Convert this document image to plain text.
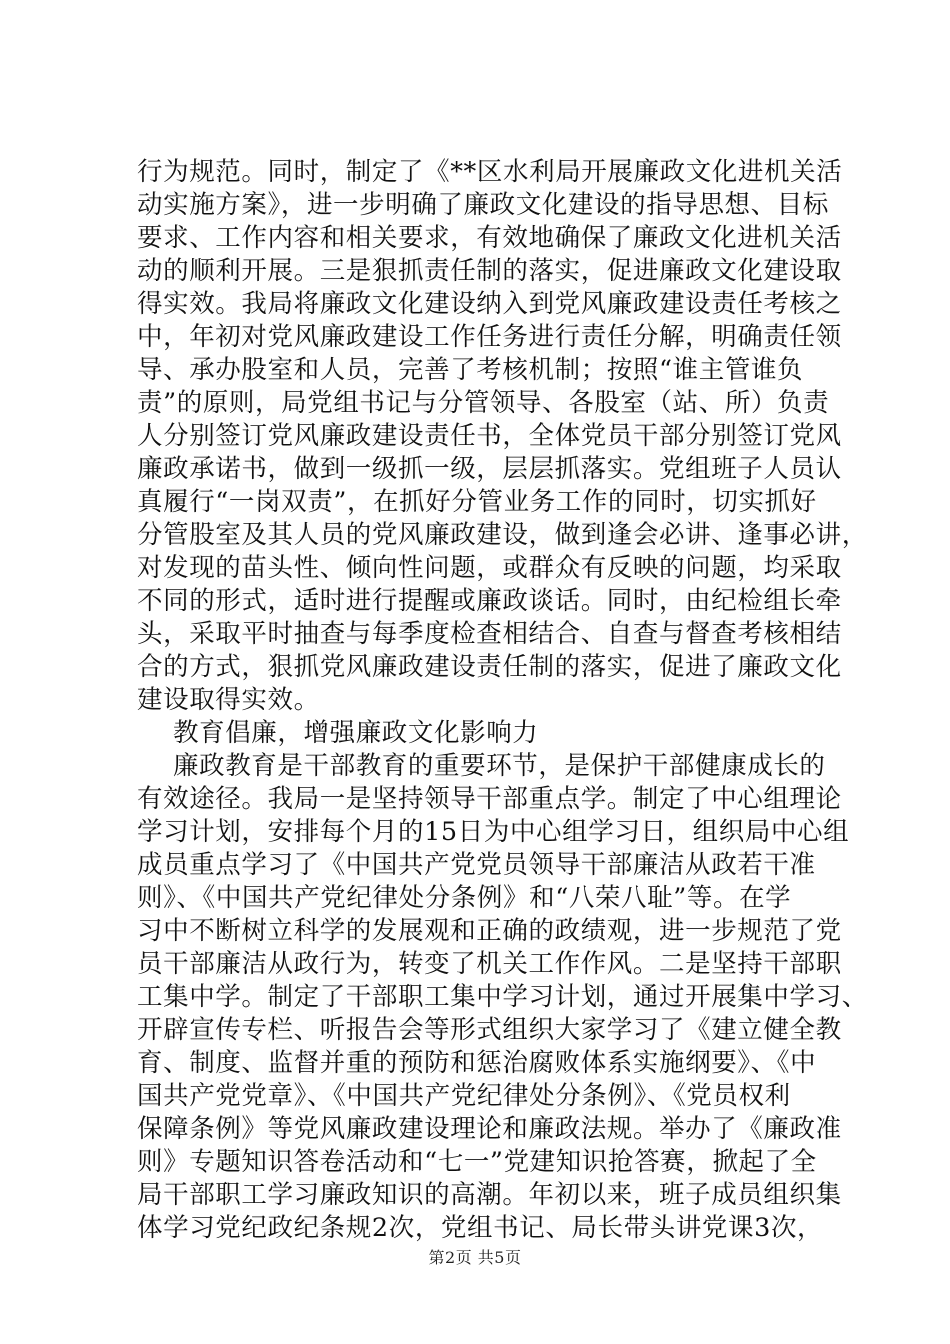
行为规范。同时，制定了《**区水利局开展廉政文化进机关活
动实施方案》，进一步明确了廉政文化建设的指导思想、目标
要求、工作内容和相关要求，有效地确保了廉政文化进机关活
动的顺利开展。三是狠抓责任制的落实，促进廉政文化建设取
得实效。我局将廉政文化建设纳入到党风廉政建设责任考核之
中，年初对党风廉政建设工作任务进行责任分解，明确责任领
导、承办股室和人员，完善了考核机制；按照“谁主管谁负
责”的原则，局党组书记与分管领导、各股室（站、所）负责
人分别签订党风廉政建设责任书，全体党员干部分别签订党风
廉政承诺书，做到一级抓一级，层层抓落实。党组班子人员认
真履行“一岗双责”，在抓好分管业务工作的同时，切实抓好
分管股室及其人员的党风廉政建设，做到逢会必讲、逢事必讲，
对发现的苗头性、倾向性问题，或群众有反映的问题，均采取
不同的形式，适时进行提醒或廉政谈话。同时，由纪检组长牵
头，采取平时抽查与每季度检查相结合、自查与督查考核相结
合的方式，狠抓党风廉政建设责任制的落实，促进了廉政文化
建设取得实效。
教育倡廉，增强廉政文化影响力
廉政教育是干部教育的重要环节，是保护干部健康成长的
有效途径。我局一是坚持领导干部重点学。制定了中心组理论
学习计划，安排每个月的15日为中心组学习日，组织局中心组
成员重点学习了《中国共产党党员领导干部廉洁从政若干准
则》、《中国共产党纪律处分条例》和“八荣八耻”等。在学
习中不断树立科学的发展观和正确的政绩观，进一步规范了党
员干部廉洁从政行为，转变了机关工作作风。二是坚持干部职
工集中学。制定了干部职工集中学习计划，通过开展集中学习、
开辟宣传专栏、听报告会等形式组织大家学习了《建立健全教
育、制度、监督并重的预防和惩治腐败体系实施纲要》、《中
国共产党党章》、《中国共产党纪律处分条例》、《党员权利
保障条例》等党风廉政建设理论和廉政法规。举办了《廉政准
则》专题知识答卷活动和“七一”党建知识抢答赛，掀起了全
局干部职工学习廉政知识的高潮。年初以来，班子成员组织集
体学习党纪政纪条规2次，党组书记、局长带头讲党课3次，
第2页 共5页
